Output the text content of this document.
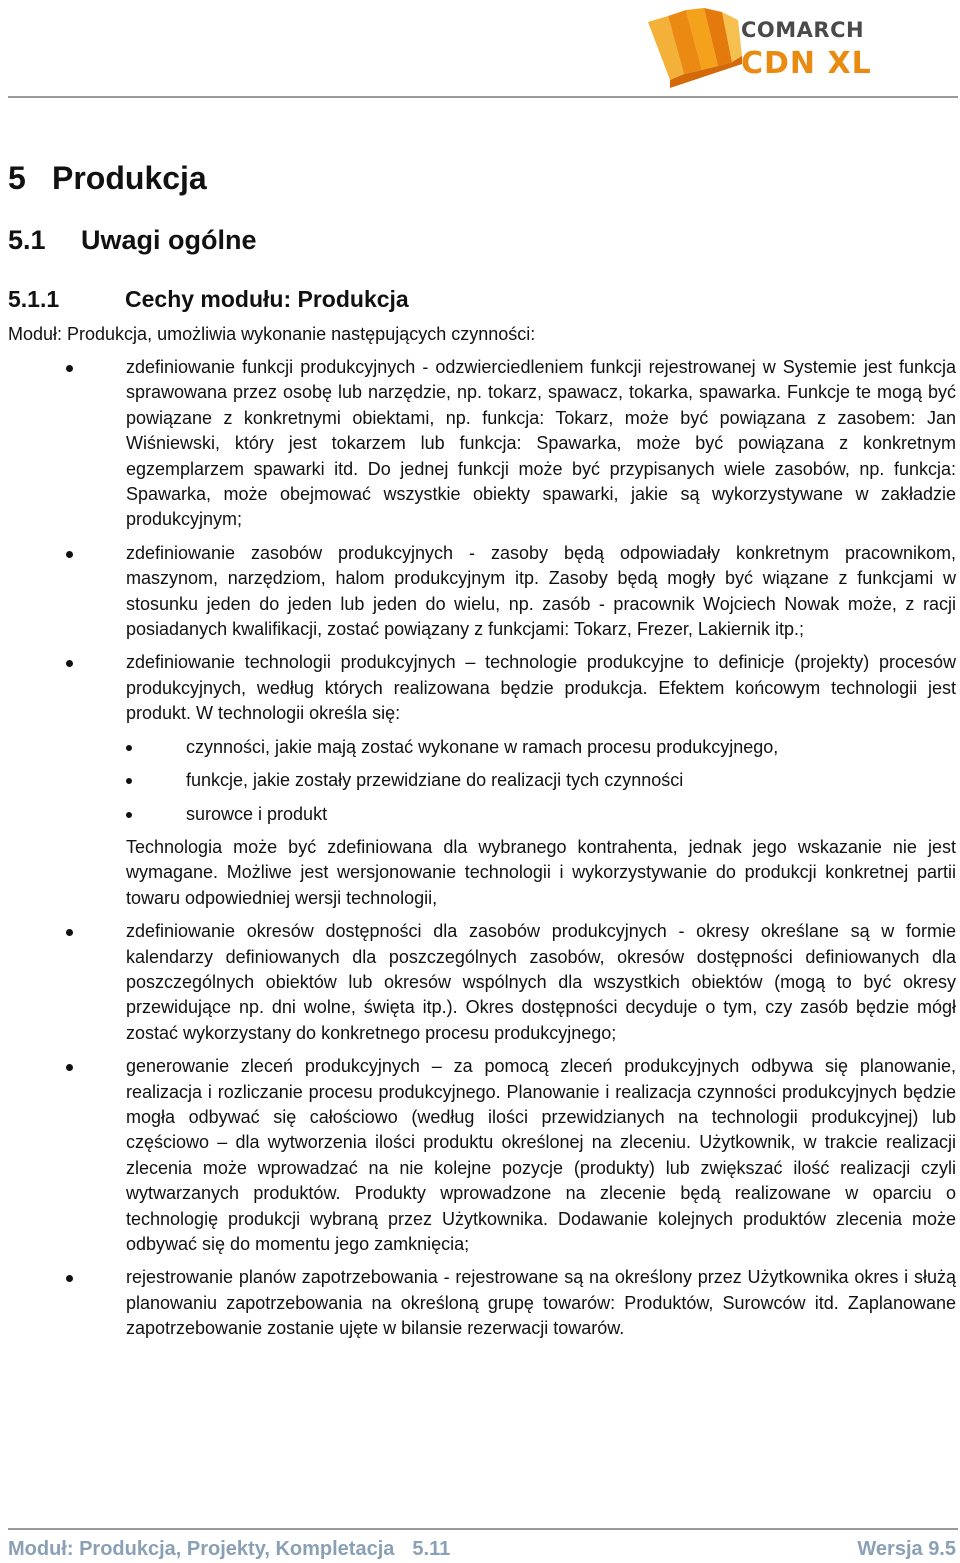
COMARCH
CDN XL
5 Produkcja
5.1 Uwagi ogólne
5.1.1	Cechy modułu: Produkcja
Moduł: Produkcja, umożliwia wykonanie następujących czynności:
zdefiniowanie funkcji produkcyjnych - odzwierciedleniem funkcji rejestrowanej w Systemie jest funkcja sprawowana przez osobę lub narzędzie, np. tokarz, spawacz, tokarka, spawarka. Funkcje te mogą być powiązane z konkretnymi obiektami, np. funkcja: Tokarz, może być powiązana z zasobem: Jan Wiśniewski, który jest tokarzem lub funkcja: Spawarka, może być powiązana z konkretnym egzemplarzem spawarki itd. Do jednej funkcji może być przypisanych wiele zasobów, np. funkcja: Spawarka, może obejmować wszystkie obiekty spawarki, jakie są wykorzystywane w zakładzie produkcyjnym;
zdefiniowanie zasobów produkcyjnych - zasoby będą odpowiadały konkretnym pracownikom, maszynom, narzędziom, halom produkcyjnym itp. Zasoby będą mogły być wiązane z funkcjami w stosunku jeden do jeden lub jeden do wielu, np. zasób - pracownik Wojciech Nowak może, z racji posiadanych kwalifikacji, zostać powiązany z funkcjami: Tokarz, Frezer, Lakiernik itp.;
zdefiniowanie technologii produkcyjnych – technologie produkcyjne to definicje (projekty) procesów produkcyjnych, według których realizowana będzie produkcja. Efektem końcowym technologii jest produkt. W technologii określa się:
czynności, jakie mają zostać wykonane w ramach procesu produkcyjnego,
funkcje, jakie zostały przewidziane do realizacji tych czynności
surowce i produkt
Technologia może być zdefiniowana dla wybranego kontrahenta, jednak jego wskazanie nie jest wymagane. Możliwe jest wersjonowanie technologii i wykorzystywanie do produkcji konkretnej partii towaru odpowiedniej wersji technologii,
zdefiniowanie okresów dostępności dla zasobów produkcyjnych - okresy określane są w formie kalendarzy definiowanych dla poszczególnych zasobów, okresów dostępności definiowanych dla poszczególnych obiektów lub okresów wspólnych dla wszystkich obiektów (mogą to być okresy przewidujące np. dni wolne, święta itp.). Okres dostępności decyduje o tym, czy zasób będzie mógł zostać wykorzystany do konkretnego procesu produkcyjnego;
generowanie zleceń produkcyjnych – za pomocą zleceń produkcyjnych odbywa się planowanie, realizacja i rozliczanie procesu produkcyjnego. Planowanie i realizacja czynności produkcyjnych będzie mogła odbywać się całościowo (według ilości przewidzianych na technologii produkcyjnej) lub częściowo – dla wytworzenia ilości produktu określonej na zleceniu. Użytkownik, w trakcie realizacji zlecenia może wprowadzać na nie kolejne pozycje (produkty) lub zwiększać ilość realizacji czyli wytwarzanych produktów. Produkty wprowadzone na zlecenie będą realizowane w oparciu o technologię produkcji wybraną przez Użytkownika. Dodawanie kolejnych produktów zlecenia może odbywać się do momentu jego zamknięcia;
rejestrowanie planów zapotrzebowania - rejestrowane są na określony przez Użytkownika okres i służą planowaniu zapotrzebowania na określoną grupę towarów: Produktów, Surowców itd. Zaplanowane zapotrzebowanie zostanie ujęte w bilansie rezerwacji towarów.
Moduł: Produkcja, Projekty, Kompletacja 5.11	Wersja 9.5
